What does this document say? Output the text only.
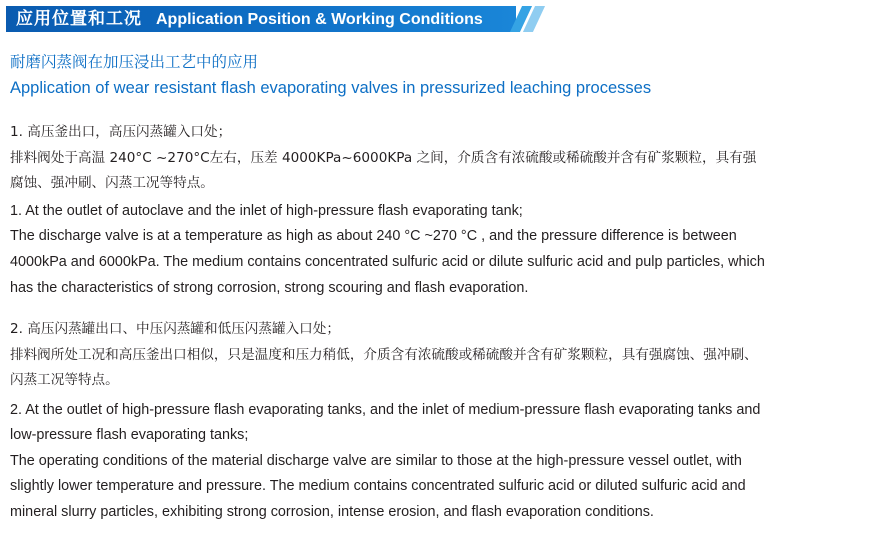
应用位置和工况 Application Position & Working Conditions
耐磨闪蒸阀在加压浸出工艺中的应用
Application of wear resistant flash evaporating valves in pressurized leaching processes
1. 高压釜出口，高压闪蒸罐入口处；
排料阀处于高温 240°C ~270°C左右，压差 4000KPa~6000KPa 之间，介质含有浓硫酸或稀硫酸并含有矿浆颗粒，具有强
腐蚀、强冲刷、闪蒸工况等特点。
1. At the outlet of autoclave and the inlet of high-pressure flash evaporating tank;
The discharge valve is at a temperature as high as about 240 °C ~270 °C , and the pressure difference is between
4000kPa and 6000kPa. The medium contains concentrated sulfuric acid or dilute sulfuric acid and pulp particles, which
has the characteristics of strong corrosion, strong scouring and flash evaporation.
2. 高压闪蒸罐出口、中压闪蒸罐和低压闪蒸罐入口处；
排料阀所处工况和高压釜出口相似，只是温度和压力稍低，介质含有浓硫酸或稀硫酸并含有矿浆颗粒，具有强腐蚀、强冲刷、
闪蒸工况等特点。
2. At the outlet of high-pressure flash evaporating tanks, and the inlet of medium-pressure flash evaporating tanks and
low-pressure flash evaporating tanks;
The operating conditions of the material discharge valve are similar to those at the high-pressure vessel outlet, with
slightly lower temperature and pressure. The medium contains concentrated sulfuric acid or diluted sulfuric acid and
mineral slurry particles, exhibiting strong corrosion, intense erosion, and flash evaporation conditions.
